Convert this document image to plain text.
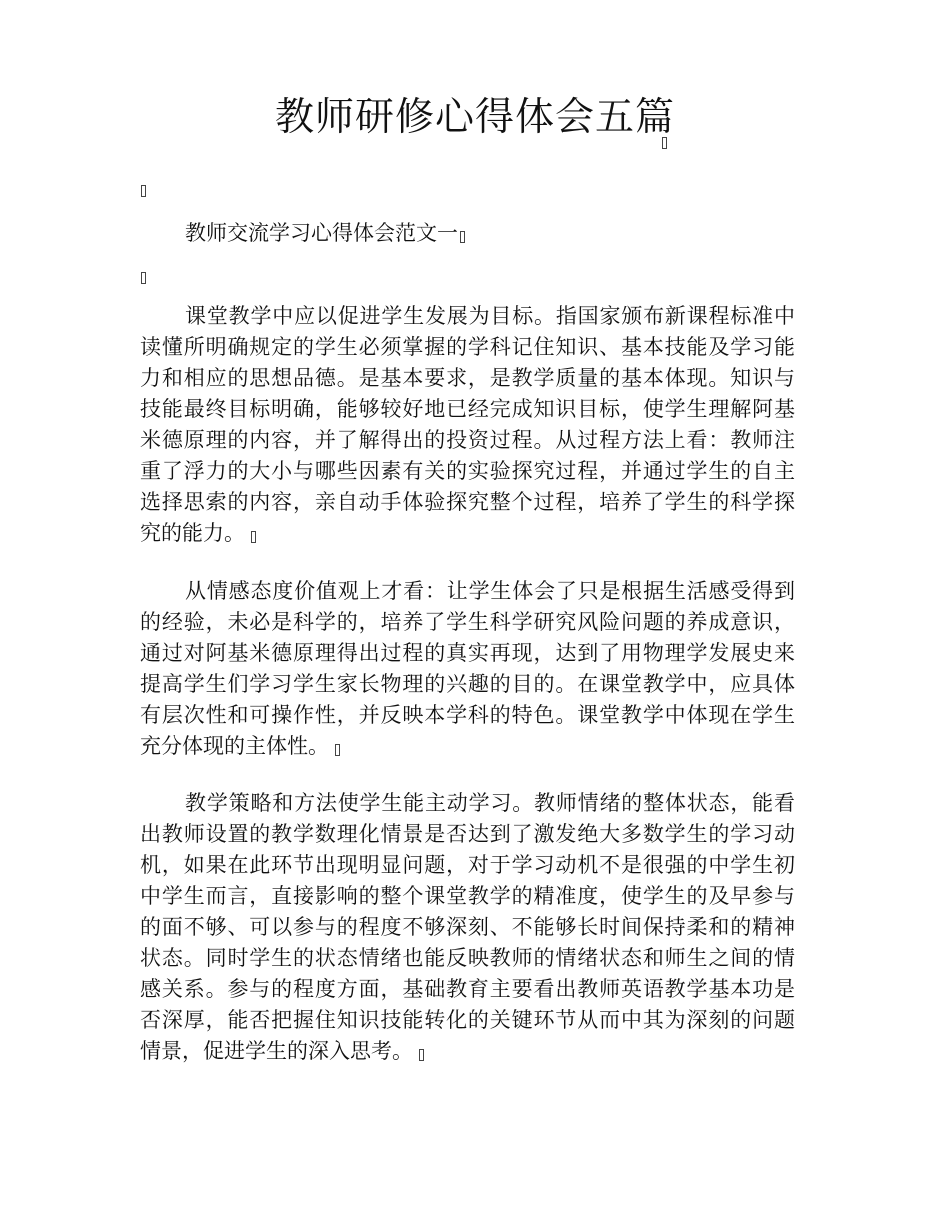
教师研修心得体会五篇

教师交流学习心得体会范文一

课堂教学中应以促进学生发展为目标。指国家颁布新课程标准中
读懂所明确规定的学生必须掌握的学科记住知识、基本技能及学习能
力和相应的思想品德。是基本要求，是教学质量的基本体现。知识与
技能最终目标明确，能够较好地已经完成知识目标，使学生理解阿基
米德原理的内容，并了解得出的投资过程。从过程方法上看：教师注
重了浮力的大小与哪些因素有关的实验探究过程，并通过学生的自主
选择思索的内容，亲自动手体验探究整个过程，培养了学生的科学探
究的能力。
从情感态度价值观上才看：让学生体会了只是根据生活感受得到
的经验，未必是科学的，培养了学生科学研究风险问题的养成意识，
通过对阿基米德原理得出过程的真实再现，达到了用物理学发展史来
提高学生们学习学生家长物理的兴趣的目的。在课堂教学中，应具体
有层次性和可操作性，并反映本学科的特色。课堂教学中体现在学生
充分体现的主体性。
教学策略和方法使学生能主动学习。教师情绪的整体状态，能看
出教师设置的教学数理化情景是否达到了激发绝大多数学生的学习动
机，如果在此环节出现明显问题，对于学习动机不是很强的中学生初
中学生而言，直接影响的整个课堂教学的精准度，使学生的及早参与
的面不够、可以参与的程度不够深刻、不能够长时间保持柔和的精神
状态。同时学生的状态情绪也能反映教师的情绪状态和师生之间的情
感关系。参与的程度方面，基础教育主要看出教师英语教学基本功是
否深厚，能否把握住知识技能转化的关键环节从而中其为深刻的问题
情景，促进学生的深入思考。
